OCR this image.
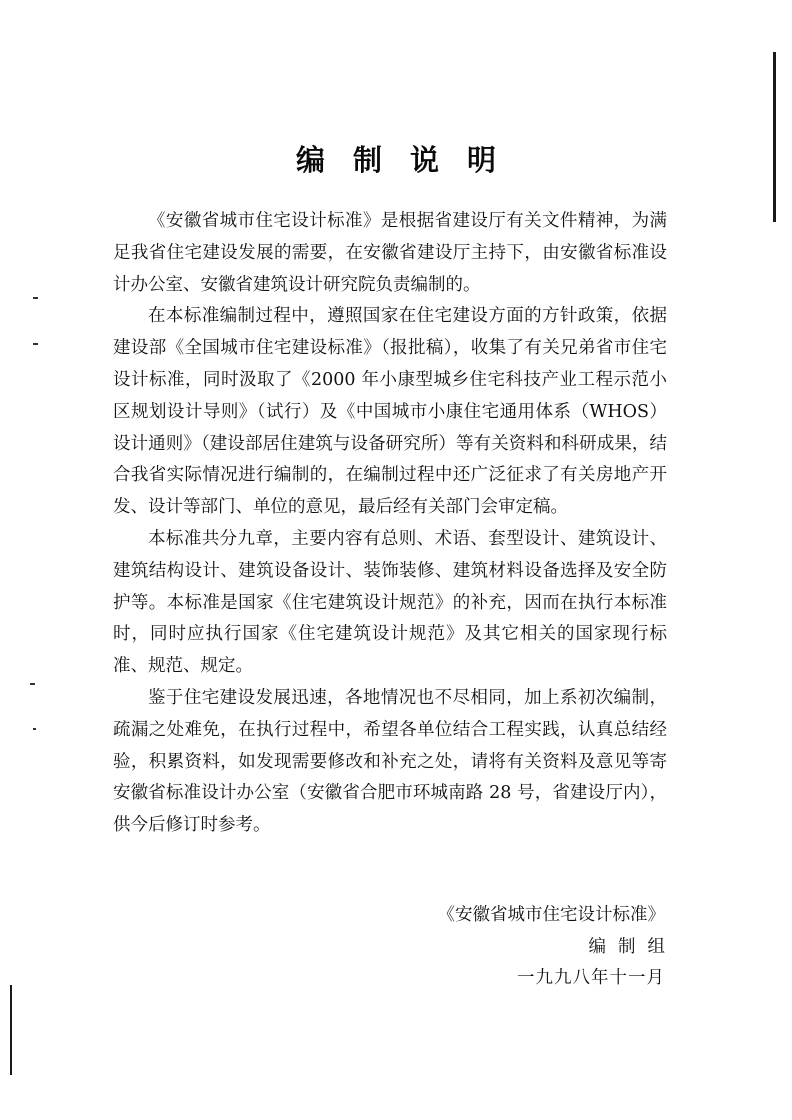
编制说明

《安徽省城市住宅设计标准》是根据省建设厅有关文件精神，为满足我省住宅建设发展的需要，在安徽省建设厅主持下，由安徽省标准设计办公室、安徽省建筑设计研究院负责编制的。

在本标准编制过程中，遵照国家在住宅建设方面的方针政策，依据建设部《全国城市住宅建设标准》（报批稿），收集了有关兄弟省市住宅设计标准，同时汲取了《2000 年小康型城乡住宅科技产业工程示范小区规划设计导则》（试行）及《中国城市小康住宅通用体系（WHOS）设计通则》（建设部居住建筑与设备研究所）等有关资料和科研成果，结合我省实际情况进行编制的，在编制过程中还广泛征求了有关房地产开发、设计等部门、单位的意见，最后经有关部门会审定稿。

本标准共分九章，主要内容有总则、术语、套型设计、建筑设计、建筑结构设计、建筑设备设计、装饰装修、建筑材料设备选择及安全防护等。本标准是国家《住宅建筑设计规范》的补充，因而在执行本标准时，同时应执行国家《住宅建筑设计规范》及其它相关的国家现行标准、规范、规定。

鉴于住宅建设发展迅速，各地情况也不尽相同，加上系初次编制，疏漏之处难免，在执行过程中，希望各单位结合工程实践，认真总结经验，积累资料，如发现需要修改和补充之处，请将有关资料及意见等寄安徽省标准设计办公室（安徽省合肥市环城南路 28 号，省建设厅内），供今后修订时参考。

《安徽省城市住宅设计标准》
编制组
一九九八年十一月
